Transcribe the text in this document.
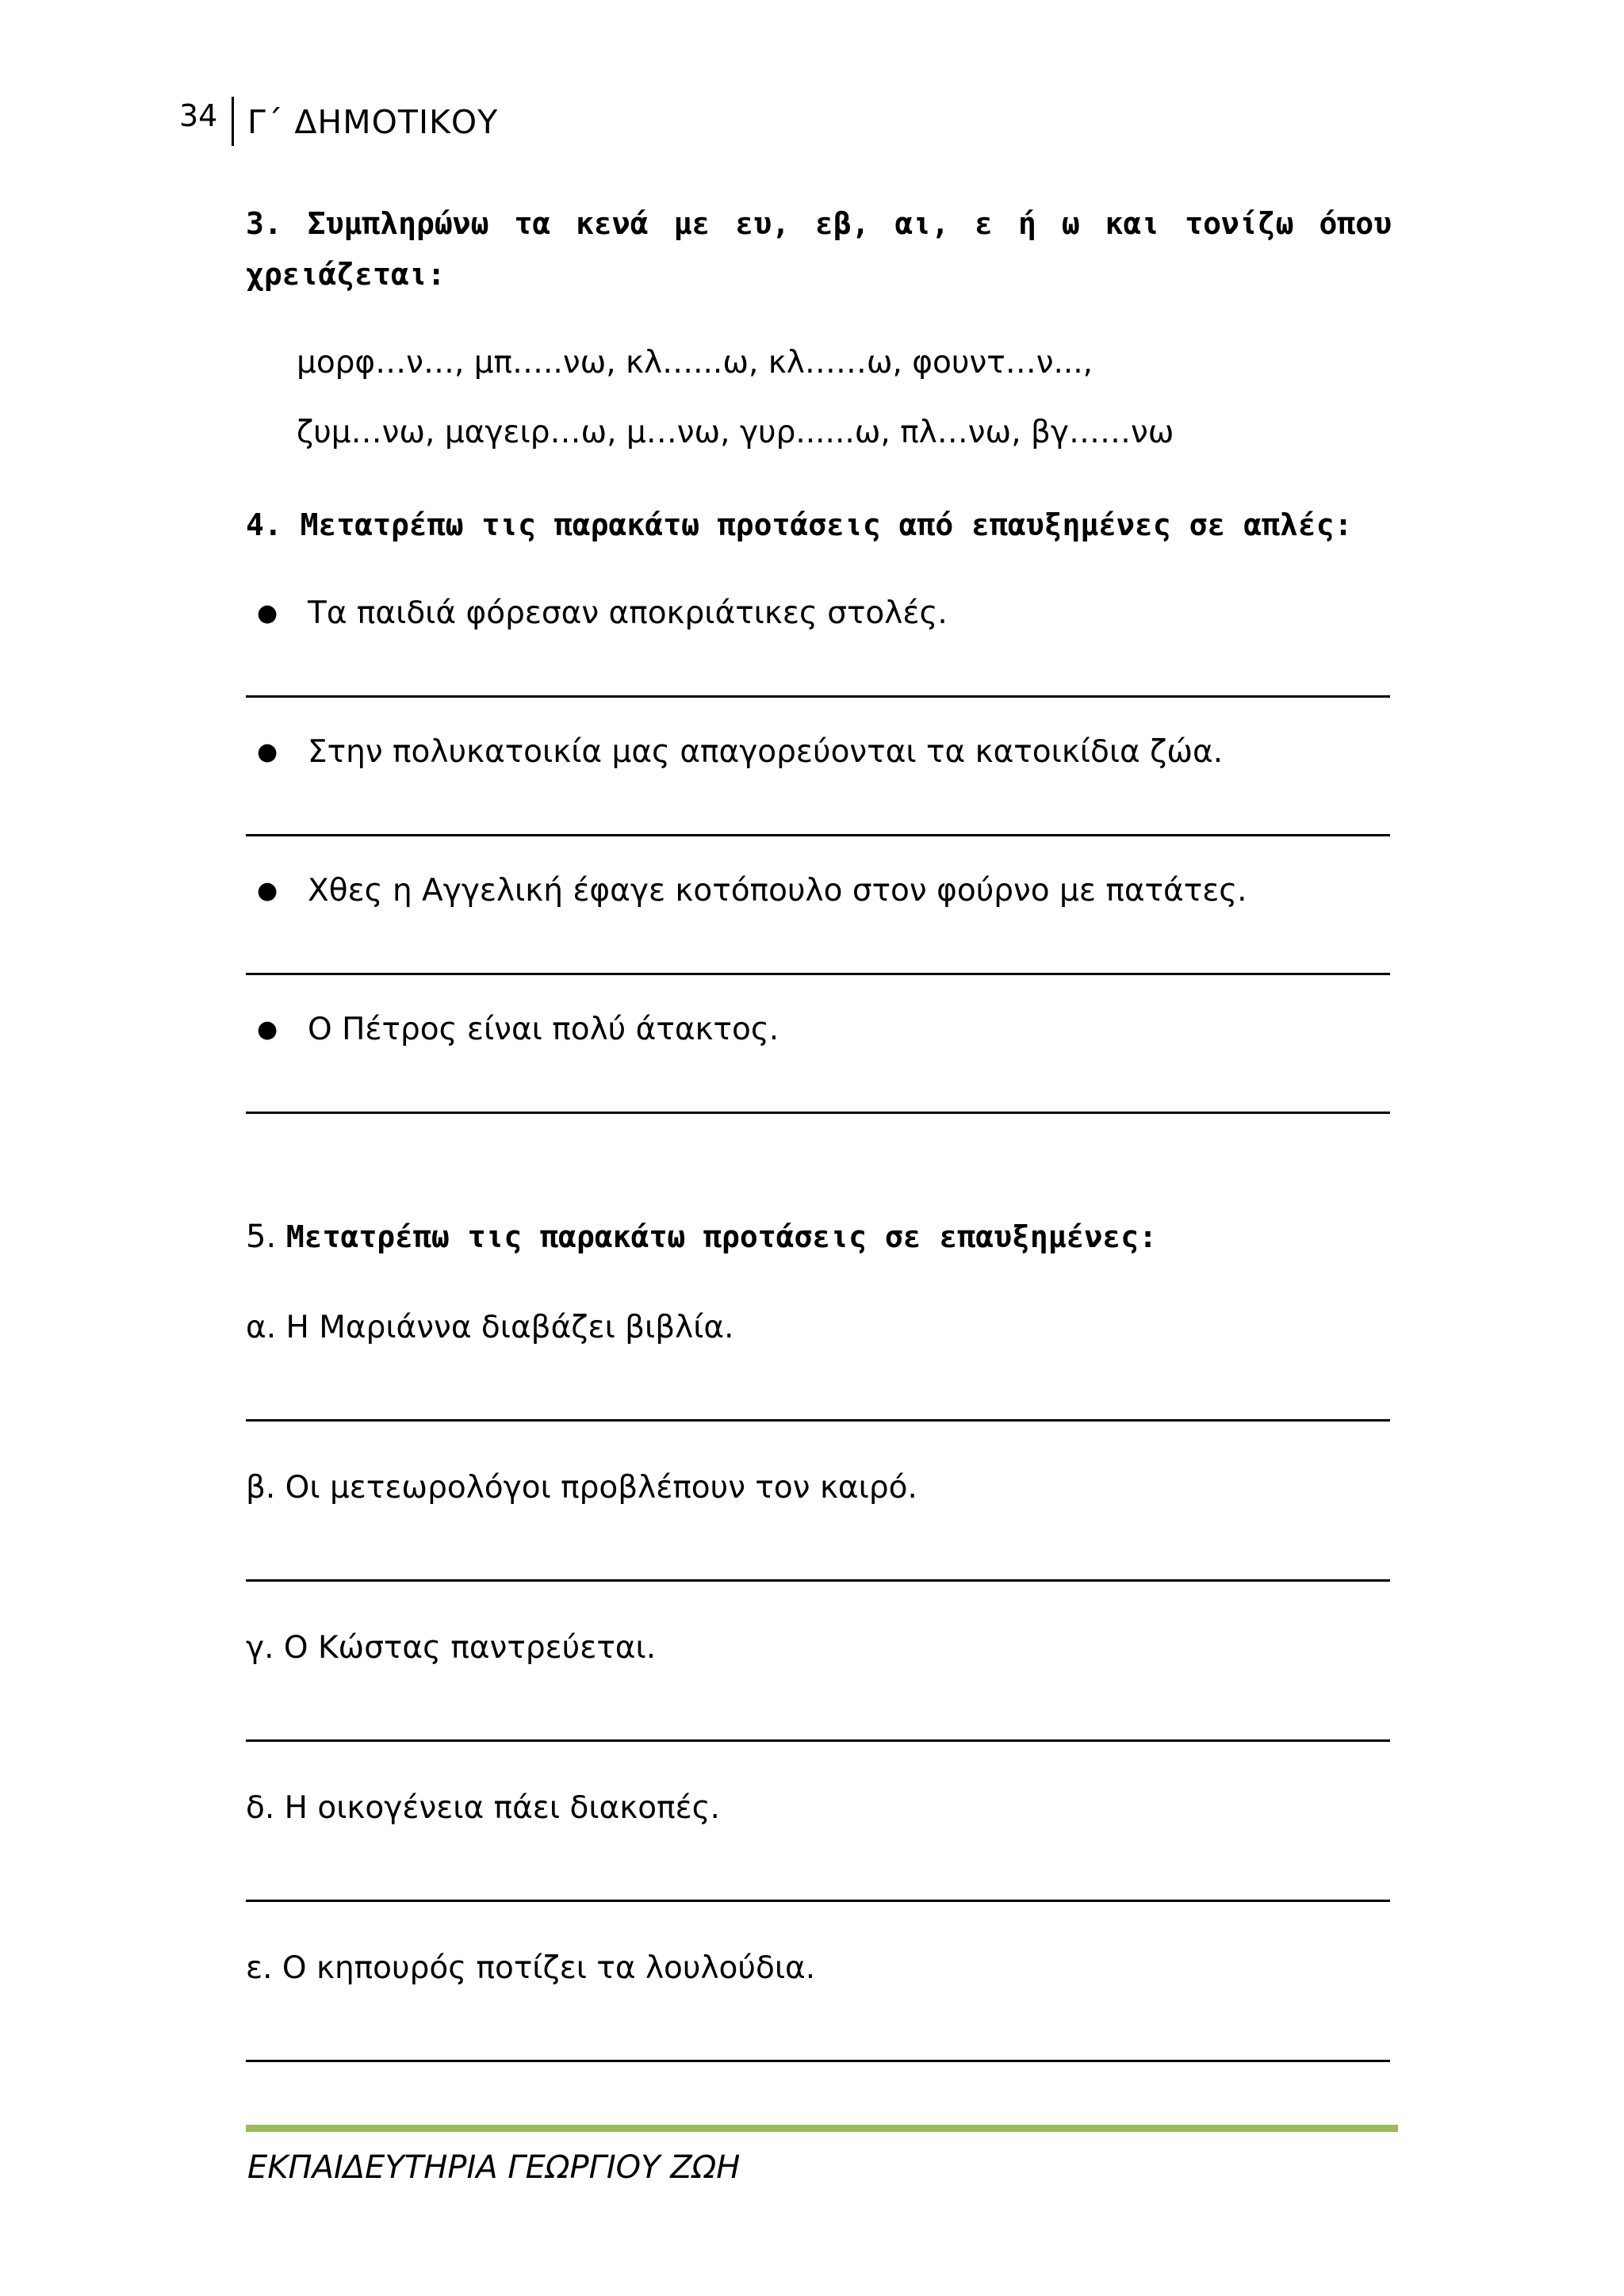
34 Γ΄ ΔΗΜΟΤΙΚΟΥ
3. Συμπληρώνω τα κενά με ευ, εβ, αι, ε ή ω και τονίζω όπου
χρειάζεται:
μορφ…ν…, μπ…..νω, κλ…...ω, κλ……ω, φουντ…ν...,
ζυμ…νω, μαγειρ…ω, μ…νω, γυρ......ω, πλ…νω, βγ……νω
4. Μετατρέπω τις παρακάτω προτάσεις από επαυξημένες σε απλές:
● Τα παιδιά φόρεσαν αποκριάτικες στολές.
● Στην πολυκατοικία μας απαγορεύονται τα κατοικίδια ζώα.
● Χθες η Αγγελική έφαγε κοτόπουλο στον φούρνο με πατάτες.
● Ο Πέτρος είναι πολύ άτακτος.
5. Μετατρέπω τις παρακάτω προτάσεις σε επαυξημένες:
α. Η Μαριάννα διαβάζει βιβλία.
β. Οι μετεωρολόγοι προβλέπουν τον καιρό.
γ. Ο Κώστας παντρεύεται.
δ. Η οικογένεια πάει διακοπές.
ε. Ο κηπουρός ποτίζει τα λουλούδια.
ΕΚΠΑΙΔΕΥΤΗΡΙΑ ΓΕΩΡΓΙΟΥ ΖΩΗ
